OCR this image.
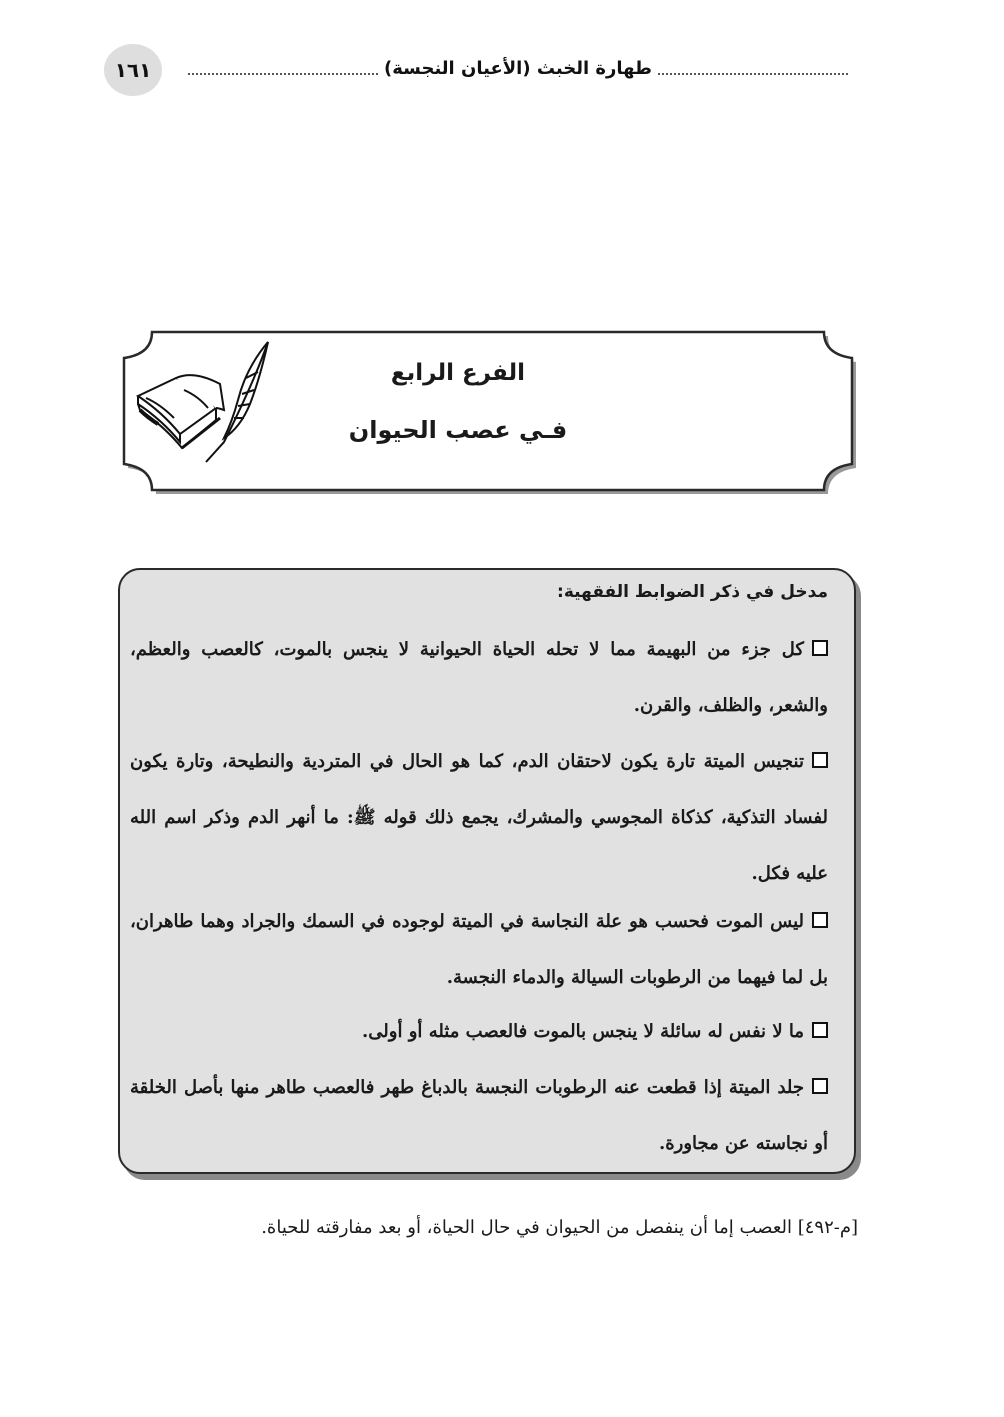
١٦١	طهارة الخبث (الأعيان النجسة)
الفرع الرابع
فـي عصب الحيوان
مدخل في ذكر الضوابط الفقهية:
كل جزء من البهيمة مما لا تحله الحياة الحيوانية لا ينجس بالموت، كالعصب والعظم، والشعر، والظلف، والقرن.
تنجيس الميتة تارة يكون لاحتقان الدم، كما هو الحال في المتردية والنطيحة، وتارة يكون لفساد التذكية، كذكاة المجوسي والمشرك، يجمع ذلك قوله ﷺ: ما أنهر الدم وذكر اسم الله عليه فكل.
ليس الموت فحسب هو علة النجاسة في الميتة لوجوده في السمك والجراد وهما طاهران، بل لما فيهما من الرطوبات السيالة والدماء النجسة.
ما لا نفس له سائلة لا ينجس بالموت فالعصب مثله أو أولى.
جلد الميتة إذا قطعت عنه الرطوبات النجسة بالدباغ طهر فالعصب طاهر منها بأصل الخلقة أو نجاسته عن مجاورة.
[م-٤٩٢] العصب إما أن ينفصل من الحيوان في حال الحياة، أو بعد مفارقته للحياة.
